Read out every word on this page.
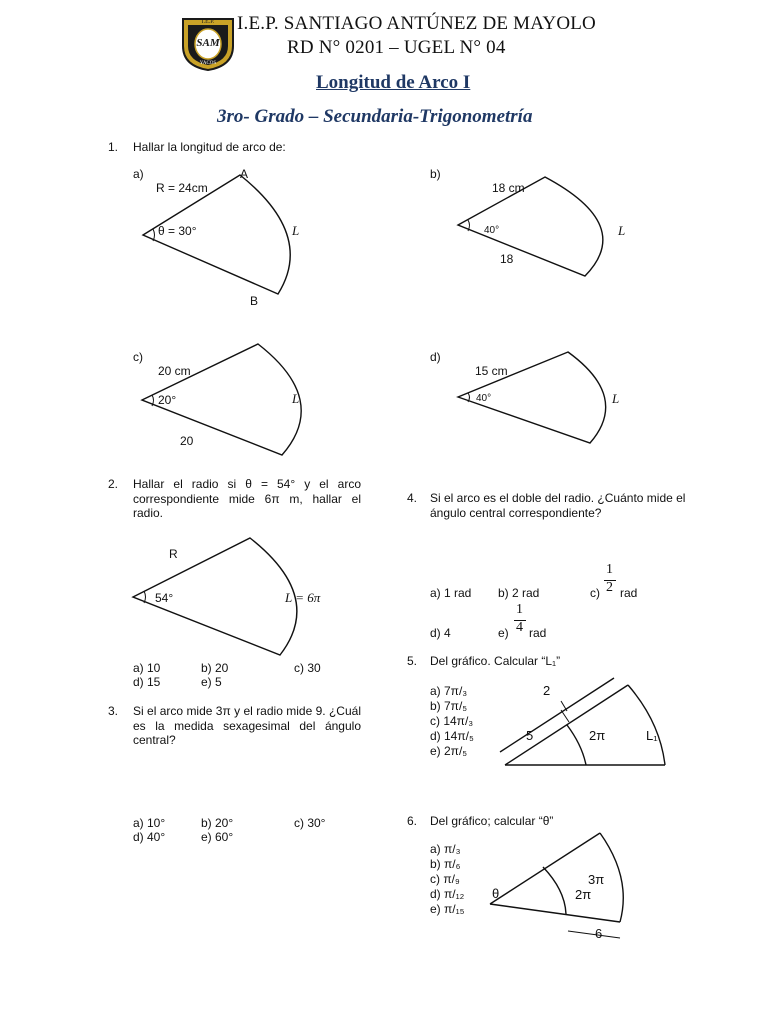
I.E.P.
SAM
YACOS
I.E.P. SANTIAGO ANTÚNEZ DE MAYOLO
RD N° 0201 – UGEL N° 04
Longitud de Arco I
3ro- Grado – Secundaria-Trigonometría
1. Hallar la longitud de arco de:
a)
R = 24cm
A
θ = 30°	L
B
b)
18 cm
40°	L
18
c)
20 cm
20°	L
20
d)
15 cm
40°	L
2. Hallar el radio si θ = 54° y el arco correspondiente mide 6π m, hallar el radio.
R
54°	L = 6π
a) 10	b) 20	c) 30
d) 15	e) 5
3. Si el arco mide 3π y el radio mide 9. ¿Cuál es la medida sexagesimal del ángulo central?
a) 10°	b) 20°	c) 30°
d) 40°	e) 60°
4. Si el arco es el doble del radio. ¿Cuánto mide el ángulo central correspondiente?
a) 1 rad b) 2 rad	c)
1
2 rad
d) 4	e)
1
4 rad
5. Del gráfico. Calcular “L₁”
a) 7π/₃
b) 7π/₅
c) 14π/₃
d) 14π/₅
e) 2π/₅
2
5	2π	L₁
6. Del gráfico; calcular “θ”
a) π/₃
b) π/₆
c) π/₉
d) π/₁₂
e) π/₁₅
θ
3π
2π
6
